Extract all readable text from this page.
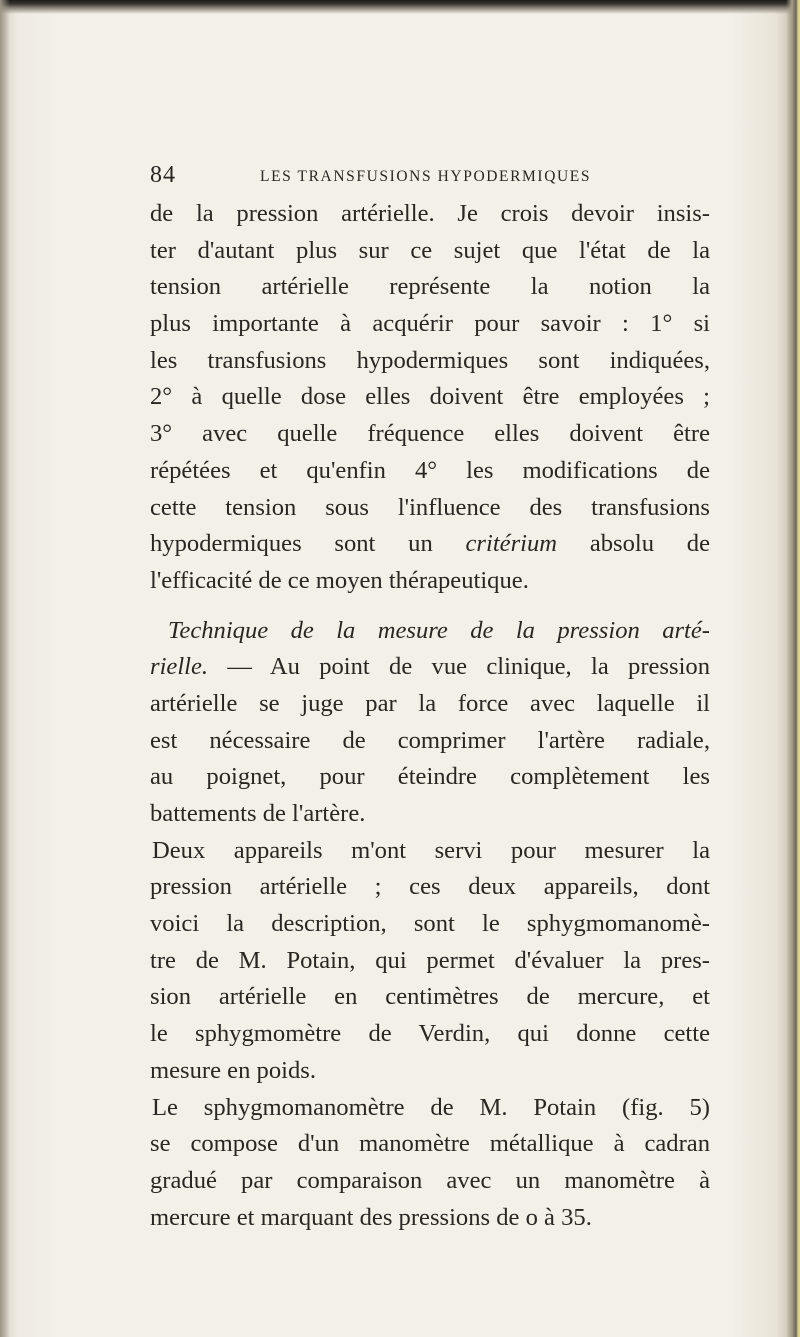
84	LES TRANSFUSIONS HYPODERMIQUES
de la pression artérielle. Je crois devoir insis-
ter d'autant plus sur ce sujet que l'état de la
tension artérielle représente la notion la
plus importante à acquérir pour savoir : 1° si
les transfusions hypodermiques sont indiquées,
2° à quelle dose elles doivent être employées ;
3° avec quelle fréquence elles doivent être
répétées et qu'enfin 4° les modifications de
cette tension sous l'influence des transfusions
hypodermiques sont un critérium absolu de
l'efficacité de ce moyen thérapeutique.
Technique de la mesure de la pression arté-
rielle. — Au point de vue clinique, la pression
artérielle se juge par la force avec laquelle il
est nécessaire de comprimer l'artère radiale,
au poignet, pour éteindre complètement les
battements de l'artère.
Deux appareils m'ont servi pour mesurer la
pression artérielle ; ces deux appareils, dont
voici la description, sont le sphygmomanomè-
tre de M. Potain, qui permet d'évaluer la pres-
sion artérielle en centimètres de mercure, et
le sphygmomètre de Verdin, qui donne cette
mesure en poids.
Le sphygmomanomètre de M. Potain (fig. 5)
se compose d'un manomètre métallique à cadran
gradué par comparaison avec un manomètre à
mercure et marquant des pressions de o à 35.
